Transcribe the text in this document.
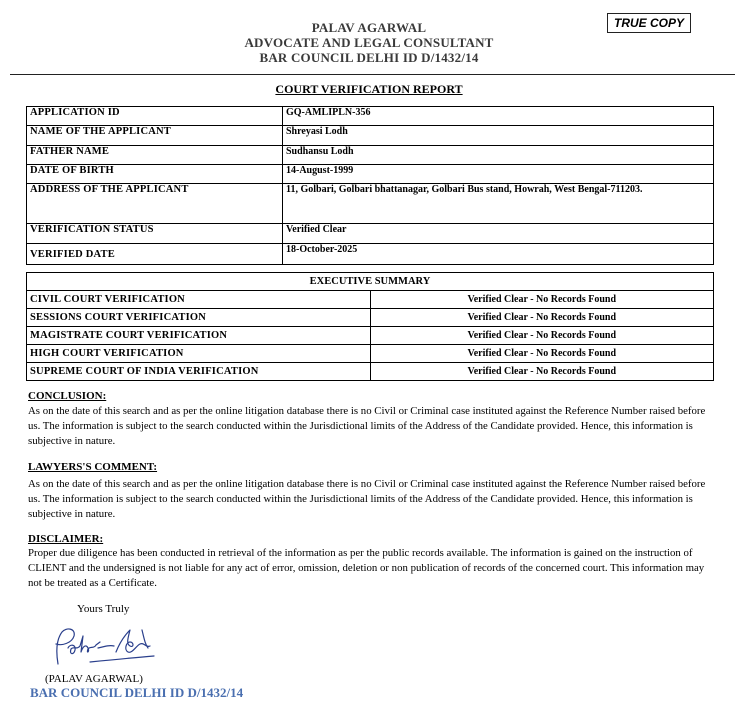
PALAV AGARWAL
ADVOCATE AND LEGAL CONSULTANT
BAR COUNCIL DELHI ID D/1432/14
TRUE COPY
COURT VERIFICATION REPORT
APPLICATION ID	GQ-AMLIPLN-356
NAME OF THE APPLICANT	Shreyasi Lodh
FATHER NAME	Sudhansu Lodh
DATE OF BIRTH	14-August-1999
ADDRESS OF THE APPLICANT	11, Golbari, Golbari bhattanagar, Golbari Bus stand, Howrah, West Bengal-711203.
VERIFICATION STATUS	Verified Clear
VERIFIED DATE	18-October-2025
EXECUTIVE SUMMARY	
CIVIL COURT VERIFICATION	Verified Clear - No Records Found
SESSIONS COURT VERIFICATION	Verified Clear - No Records Found
MAGISTRATE COURT VERIFICATION	Verified Clear - No Records Found
HIGH COURT VERIFICATION	Verified Clear - No Records Found
SUPREME COURT OF INDIA VERIFICATION	Verified Clear - No Records Found
CONCLUSION:
As on the date of this search and as per the online litigation database there is no Civil or Criminal case instituted against the Reference Number raised before us. The information is subject to the search conducted within the Jurisdictional limits of the Address of the Candidate provided. Hence, this information is subjective in nature.
LAWYERS'S COMMENT:
As on the date of this search and as per the online litigation database there is no Civil or Criminal case instituted against the Reference Number raised before us. The information is subject to the search conducted within the Jurisdictional limits of the Address of the Candidate provided. Hence, this information is subjective in nature.
DISCLAIMER:
Proper due diligence has been conducted in retrieval of the information as per the public records available. The information is gained on the instruction of CLIENT and the undersigned is not liable for any act of error, omission, deletion or non publication of records of the concerned court. This information may not be treated as a Certificate.
Yours Truly
(PALAV AGARWAL)
BAR COUNCIL DELHI ID D/1432/14
